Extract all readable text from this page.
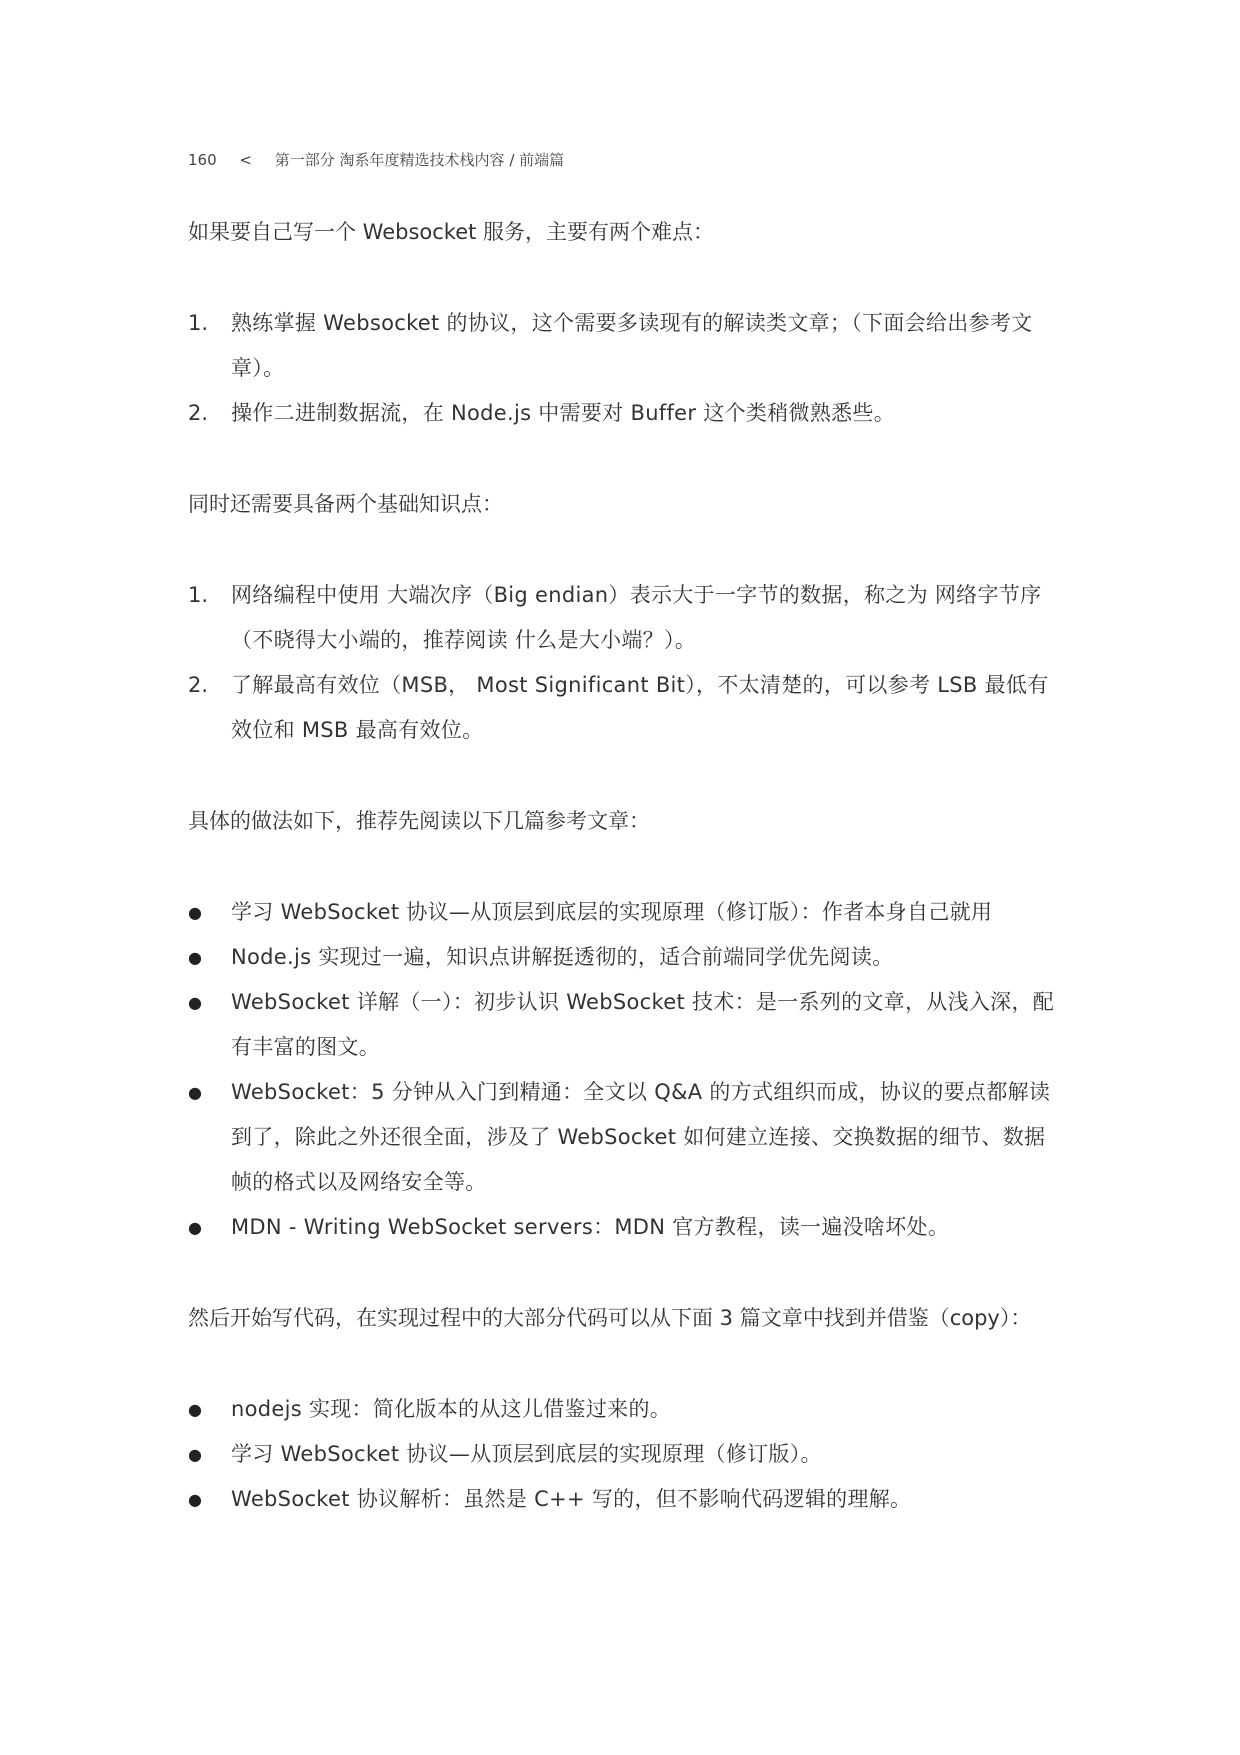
160 < 第一部分 淘系年度精选技术栈内容 / 前端篇

如果要自己写一个 Websocket 服务，主要有两个难点：

1.	熟练掌握 Websocket 的协议，这个需要多读现有的解读类文章；（下面会给出参考文章）。
2.	操作二进制数据流，在 Node.js 中需要对 Buffer 这个类稍微熟悉些。

同时还需要具备两个基础知识点：

1.	网络编程中使用 大端次序（Big endian）表示大于一字节的数据，称之为 网络字节序 （不晓得大小端的，推荐阅读 什么是大小端？）。
2.	了解最高有效位（MSB， Most Significant Bit），不太清楚的，可以参考 LSB 最低有效位和 MSB 最高有效位。

具体的做法如下，推荐先阅读以下几篇参考文章：

●	学习 WebSocket 协议—从顶层到底层的实现原理（修订版）：作者本身自己就用
●	Node.js 实现过一遍，知识点讲解挺透彻的，适合前端同学优先阅读。
●	WebSocket 详解（一）：初步认识 WebSocket 技术：是一系列的文章，从浅入深，配有丰富的图文。
●	WebSocket：5 分钟从入门到精通：全文以 Q&A 的方式组织而成，协议的要点都解读到了，除此之外还很全面，涉及了 WebSocket 如何建立连接、交换数据的细节、数据帧的格式以及网络安全等。
●	MDN - Writing WebSocket servers：MDN 官方教程，读一遍没啥坏处。

然后开始写代码，在实现过程中的大部分代码可以从下面 3 篇文章中找到并借鉴（copy）：

●	nodejs 实现：简化版本的从这儿借鉴过来的。
●	学习 WebSocket 协议—从顶层到底层的实现原理（修订版）。
●	WebSocket 协议解析：虽然是 C++ 写的，但不影响代码逻辑的理解。
